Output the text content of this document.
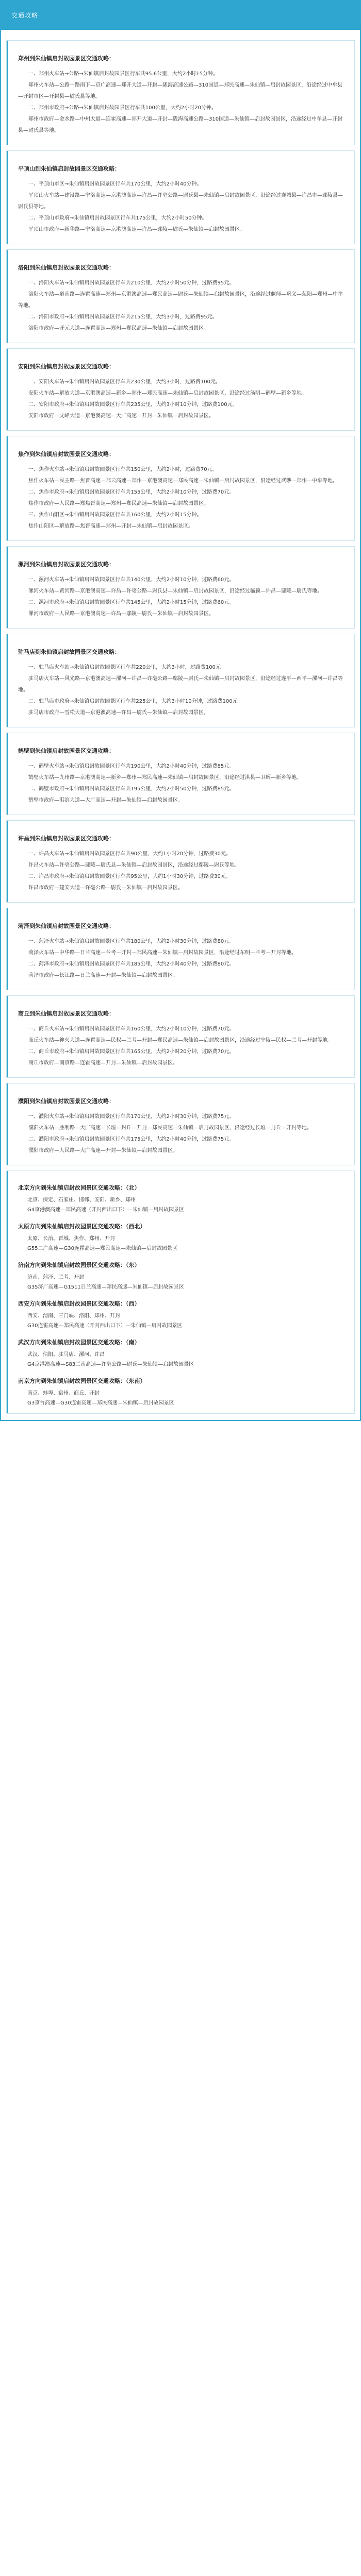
交通攻略
郑州到朱仙镇启封故园景区交通攻略：

一、郑州火车站→公路→朱仙镇启封故园景区行车共95.6公里，大约2小时15分钟。

郑州火车站—公路一路南下—京广高速—郑开大道—开封—陇海高速公路—310国道—郑民高速—朱仙镇—启封故园景区，沿途经过中牟县—开封市区—开封县—尉氏县等地。

二、郑州市政府→公路→朱仙镇启封故园景区行车共100公里，大约2小时20分钟。

郑州市政府—金水路—中州大道—连霍高速—郑开大道—开封—陇海高速公路—310国道—朱仙镇—启封故园景区，沿途经过中牟县—开封县—尉氏县等地。

平顶山到朱仙镇启封故园景区交通攻略：

一、平顶山市区→朱仙镇启封故园景区行车共170公里，大约2小时40分钟。

平顶山火车站—建设路—宁洛高速—京港澳高速—许昌—许亳公路—尉氏县—朱仙镇—启封故园景区，沿途经过襄城县—许昌市—鄢陵县—尉氏县等地。

二、平顶山市政府→朱仙镇启封故园景区行车共175公里，大约2小时50分钟。

平顶山市政府—新华路—宁洛高速—京港澳高速—许昌—鄢陵—尉氏—朱仙镇—启封故园景区。

洛阳到朱仙镇启封故园景区交通攻略：

一、洛阳火车站→朱仙镇启封故园景区行车共210公里，大约2小时50分钟，过路费95元。

洛阳火车站—道南路—连霍高速—郑州—京港澳高速—郑民高速—尉氏—朱仙镇—启封故园景区，沿途经过偃师—巩义—荥阳—郑州—中牟等地。

二、洛阳市政府→朱仙镇启封故园景区行车共215公里，大约3小时，过路费95元。

洛阳市政府—开元大道—连霍高速—郑州—郑民高速—朱仙镇—启封故园景区。

安阳到朱仙镇启封故园景区交通攻略：

一、安阳火车站→朱仙镇启封故园景区行车共230公里，大约3小时，过路费100元。

安阳火车站—解放大道—京港澳高速—新乡—郑州—郑民高速—朱仙镇—启封故园景区，沿途经过汤阴—鹤壁—新乡等地。

二、安阳市政府→朱仙镇启封故园景区行车共235公里，大约3小时10分钟，过路费100元。

安阳市政府—文峰大道—京港澳高速—大广高速—开封—朱仙镇—启封故园景区。

焦作到朱仙镇启封故园景区交通攻略：

一、焦作火车站→朱仙镇启封故园景区行车共150公里，大约2小时，过路费70元。

焦作火车站—民主路—焦晋高速—郑云高速—郑州—京港澳高速—郑民高速—朱仙镇—启封故园景区，沿途经过武陟—郑州—中牟等地。

二、焦作市政府→朱仙镇启封故园景区行车共155公里，大约2小时10分钟，过路费70元。

焦作市政府—人民路—郑焦晋高速—郑州—郑民高速—朱仙镇—启封故园景区。

三、焦作山阳区→朱仙镇启封故园景区行车共160公里，大约2小时15分钟。

焦作山阳区—解放路—焦晋高速—郑州—开封—朱仙镇—启封故园景区。

漯河到朱仙镇启封故园景区交通攻略：

一、漯河火车站→朱仙镇启封故园景区行车共140公里，大约2小时10分钟，过路费60元。

漯河火车站—黄河路—京港澳高速—许昌—许亳公路—尉氏县—朱仙镇—启封故园景区，沿途经过临颍—许昌—鄢陵—尉氏等地。

二、漯河市政府→朱仙镇启封故园景区行车共145公里，大约2小时15分钟，过路费60元。

漯河市政府—人民路—京港澳高速—许昌—鄢陵—尉氏—朱仙镇—启封故园景区。

驻马店到朱仙镇启封故园景区交通攻略：

一、驻马店火车站→朱仙镇启封故园景区行车共220公里，大约3小时，过路费100元。

驻马店火车站—风光路—京港澳高速—漯河—许昌—许亳公路—鄢陵—尉氏—朱仙镇—启封故园景区，沿途经过遂平—西平—漯河—许昌等地。

二、驻马店市政府→朱仙镇启封故园景区行车共225公里，大约3小时10分钟，过路费100元。

驻马店市政府—雪松大道—京港澳高速—许昌—尉氏—朱仙镇—启封故园景区。

鹤壁到朱仙镇启封故园景区交通攻略：

一、鹤壁火车站→朱仙镇启封故园景区行车共190公里，大约2小时40分钟，过路费85元。

鹤壁火车站—九州路—京港澳高速—新乡—郑州—郑民高速—朱仙镇—启封故园景区，沿途经过淇县—卫辉—新乡等地。

二、鹤壁市政府→朱仙镇启封故园景区行车共195公里，大约2小时50分钟，过路费85元。

鹤壁市政府—淇滨大道—大广高速—开封—朱仙镇—启封故园景区。

许昌到朱仙镇启封故园景区交通攻略：

一、许昌火车站→朱仙镇启封故园景区行车共90公里，大约1小时20分钟，过路费30元。

许昌火车站—许亳公路—鄢陵—尉氏县—朱仙镇—启封故园景区，沿途经过鄢陵—尉氏等地。

二、许昌市政府→朱仙镇启封故园景区行车共95公里，大约1小时30分钟，过路费30元。

许昌市政府—建安大道—许亳公路—尉氏—朱仙镇—启封故园景区。

菏泽到朱仙镇启封故园景区交通攻略：

一、菏泽火车站→朱仙镇启封故园景区行车共180公里，大约2小时30分钟，过路费80元。

菏泽火车站—中华路—日兰高速—兰考—开封—郑民高速—朱仙镇—启封故园景区，沿途经过东明—兰考—开封等地。

二、菏泽市政府→朱仙镇启封故园景区行车共185公里，大约2小时40分钟，过路费80元。

菏泽市政府—长江路—日兰高速—开封—朱仙镇—启封故园景区。

商丘到朱仙镇启封故园景区交通攻略：

一、商丘火车站→朱仙镇启封故园景区行车共160公里，大约2小时10分钟，过路费70元。

商丘火车站—神火大道—连霍高速—民权—兰考—开封—郑民高速—朱仙镇—启封故园景区，沿途经过宁陵—民权—兰考—开封等地。

二、商丘市政府→朱仙镇启封故园景区行车共165公里，大约2小时20分钟，过路费70元。

商丘市政府—南京路—连霍高速—开封—朱仙镇—启封故园景区。

濮阳到朱仙镇启封故园景区交通攻略：

一、濮阳火车站→朱仙镇启封故园景区行车共170公里，大约2小时30分钟，过路费75元。

濮阳火车站—胜利路—大广高速—长垣—封丘—开封—郑民高速—朱仙镇—启封故园景区，沿途经过长垣—封丘—开封等地。

二、濮阳市政府→朱仙镇启封故园景区行车共175公里，大约2小时40分钟，过路费75元。

濮阳市政府—人民路—大广高速—开封—朱仙镇—启封故园景区。

北京方向到朱仙镇启封故园景区交通攻略：（北）

北京、保定、石家庄、邯郸、安阳、新乡、郑州

G4京港澳高速—郑民高速（开封西出口下）—朱仙镇—启封故园景区

太原方向到朱仙镇启封故园景区交通攻略：（西北）

太原、长治、晋城、焦作、郑州、开封

G55二广高速—G30连霍高速—郑民高速—朱仙镇—启封故园景区

济南方向到朱仙镇启封故园景区交通攻略：（东）

济南、菏泽、兰考、开封

G35济广高速—G1511日兰高速—郑民高速—朱仙镇—启封故园景区

西安方向到朱仙镇启封故园景区交通攻略：（西）

西安、渭南、三门峡、洛阳、郑州、开封

G30连霍高速—郑民高速（开封西出口下）—朱仙镇—启封故园景区

武汉方向到朱仙镇启封故园景区交通攻略：（南）

武汉、信阳、驻马店、漯河、许昌

G4京港澳高速—S83兰南高速—许亳公路—尉氏—朱仙镇—启封故园景区

南京方向到朱仙镇启封故园景区交通攻略：（东南）

南京、蚌埠、宿州、商丘、开封

G3京台高速—G30连霍高速—郑民高速—朱仙镇—启封故园景区
